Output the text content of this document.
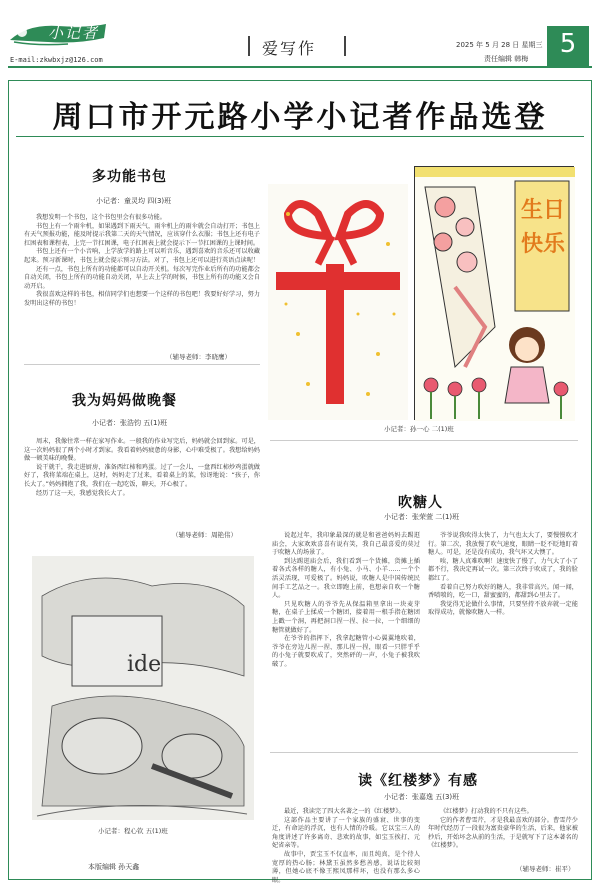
小记者
E-mail:zkwbxjz@126.com
爱写作	2025 年 5 月 28 日 星期三
责任编辑 韩梅	5
周口市开元路小学小记者作品选登
多功能书包
小记者：童灵均 四(3)班

我想发明一个书包，这个书包里会有很多功能。

书包上有一个雨伞机，如果遇到下雨天气，雨伞机上的雨伞就会自动打开；书包上有天气预报功能，能及时提示我第二天的天气情况，应该穿什么衣服；书包上还有电子扛困表和课程表，上完一节扛困课，电子扛困表上就会提示下一节扛困课的上课时间。

书包上还有一个小音响，上学放学的路上可以听音乐，遇到喜欢的音乐还可以收藏起来。预习新课时，书包上就会提示预习方法。对了，书包上还可以进行英语点读呢！

还有一点，书包上所有的功能都可以自动开关机。每次写完作业后所有的功能都会自动关闭，书包上所有的功能自动关闭，早上去上学的时候，书包上所有的功能又会自动开启。

我很喜欢这样的书包，相信同学们也想要一个这样的书包吧！我要好好学习，努力发明出这样的书包！

（辅导老师：李晓鹰）
我为妈妈做晚餐
小记者：张浩钧 五(1)班

周末，我像往常一样在家写作业。一般我的作业写完后，妈妈就会回到家。可是，这一次妈妈很了两个小时才到家。我看着妈妈疲惫的身影，心中难受极了。我想给妈妈做一顿美味的晚餐。

说干就干，我走进厨房，准备西红柿和鸡蛋。过了一会儿，一盘西红柿炒鸡蛋就做好了，我将菜端在桌上，这时，妈妈走了过来，看着桌上的菜，惊讶地说：“孩子，你长大了。”妈妈拥抱了我，我们在一起吃饭，聊天，开心极了。

经历了这一天，我感觉我长大了。

（辅导老师：周艳伟）
ide
小记者：程心钦 五(1)班
本版编辑 孙天鑫
生日
快乐
小记者：孙一心 二(1)班
吹糖人
小记者：张荣萱 二(1)班

说起过年，我印象最深的就是和爸爸妈妈去踢逛庙会，大家欢欢喜喜有说有笑，我自己最喜爱的莫过于吹糖人的场景了。

到达踢逛庙会后，我们看到一个货摊，货摊上插着各式各样的糖人，有小兔、小马、小羊……一个个活灵活现，可爱极了。妈妈说，吹糖人是中国传统民间手工艺品之一。我立即跑上前，也想亲自吹一个糖人。

只见吹糖人的爷爷先从保温箱里拿出一块麦芽糖，在桌子上揉成一个糖团，接着用一根手指在糖团上戳一个洞，再把洞口捏一捏、拉一拉，一个细细的糖管就做好了。

在爷爷的指挥下，我拿起糖管小心翼翼地吹着，爷爷在旁边儿捏一捏、那儿捏一捏，眼看一只胖乎乎的小兔子就要吹成了，突然砰的一声，小兔子被我吹破了。

爷爷说我吹得太快了，力气也太大了，要慢慢吹才行。第二次，我放慢了吹气速度，眼睛一眨不眨地盯着糖人。可是，还是没有成功，我气坏又大懊了。

唉，糖人真难吹啊！速度快了慢了，力气大了小了都不行，我决定再试一次。第三次终于吹成了，我的脸都红了。

看着自己努力吹好的糖人，我非常高兴。闻一闻，香喷喷的，吃一口，甜蜜蜜的，都甜到心里去了。

我觉得无论做什么事情，只要坚持不放弃就一定能取得成功，就像吹糖人一样。

读《红楼梦》有感
小记者：张嘉逸 五(3)班

最近，我读完了四大名著之一的《红楼梦》。

这部作品主要讲了一个家族的盛衰、世事的变迁，有命运的浮沉，也有人情的冷暖。它以宝三人的角度讲述了许多离奇、悲欢的故事，如宝玉挨打、元妃省亲等。

故事中，贾宝玉不仅直率，而且纯真，是个待人宽厚的热心肠；林黛玉虽然多愁善感，说话比较刻薄，但她心底不像王熙凤那样坏，也没有那么多心眼。

《红楼梦》打动我的不只有这些。

它的作者曹雪芹，才是我最喜欢的部分。曹雪芹少年时代经历了一段很为富贵豪华的生活，后来，他家被抄后，开始坏念从前的生活，于是就写下了这本著名的《红楼梦》。

（辅导老师：崔平）
